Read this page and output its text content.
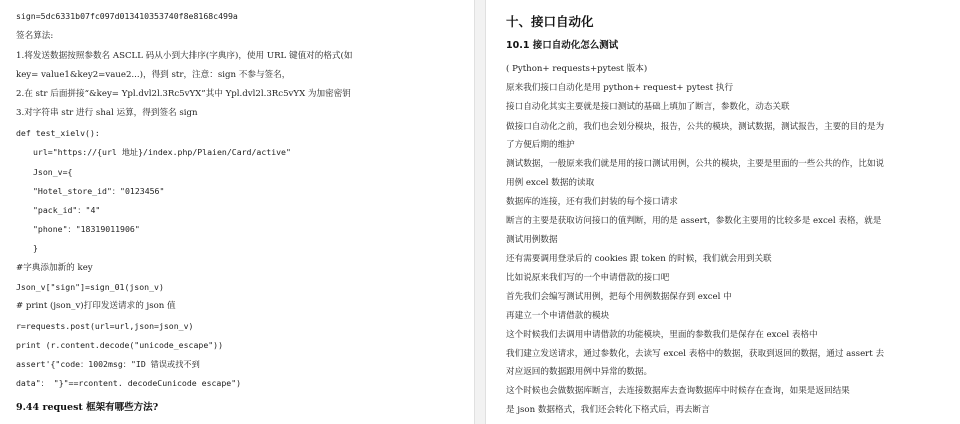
sign=5dc6331b07fc097d013410353740f8e8168c499a
签名算法:
1.将发送数据按照参数名 ASCLL 码从小到大排序(字典序)，使用 URL 键值对的格式(如
key= value1&key2=vaue2...)，得到 str，注意：sign 不参与签名，
2.在 str 后面拼接“&key= Ypl.dvl2l.3Rc5vYX”其中 Ypl.dvl2l.3Rc5vYX 为加密密钥
3.对字符串 str 进行 shal 运算，得到签名 sign
def test_xielv():
url="https://{url 地址}/index.php/Plaien/Card/active"
Json_v={
"Hotel_store_id"："0123456"
"pack_id"："4"
"phone"："18319011906"
}
#字典添加新的 key
Json_v["sign"]=sign_01(json_v)
# print (json_v)打印发送请求的 json 值
r=requests.post(url=url,json=json_v)
print (r.content.decode("unicode_escape"))
assert'{"code：1002msg："ID 错误或找不到
data"： "}"==rcontent. decodeCunicode escape")
9.44 request 框架有哪些方法?
十、接口自动化
10.1 接口自动化怎么测试
( Python+ requests+pytest 版本)
原来我们接口自动化是用 python+ request+ pytest 执行
接口自动化其实主要就是接口测试的基础上填加了断言，参数化，动态关联
做接口自动化之前，我们也会划分模块，报告，公共的模块，测试数据，测试报告，主要的目的是为
了方便后期的维护
测试数据，一般原来我们就是用的接口测试用例，公共的模块，主要是里面的一些公共的作，比如说
用例 excel 数据的读取
数据库的连接，还有我们封装的每个接口请求
断言的主要是获取访问接口的值判断，用的是 assert，参数化主要用的比较多是 excel 表格，就是
测试用例数据
还有需要调用登录后的 cookies 跟 token 的时候，我们就会用到关联
比如说原来我们写的一个申请借款的接口吧
首先我们会编写测试用例，把每个用例数据保存到 excel 中
再建立一个申请借款的模块
这个时候我们去调用申请借款的功能模块，里面的参数我们是保存在 excel 表格中
我们建立发送请求，通过参数化，去读写 excel 表格中的数据，获取到返回的数据，通过 assert 去
对应返回的数据跟用例中异常的数据。
这个时候也会做数据库断言，去连接数据库去查询数据库中时候存在查询，如果是返回结果
是 json 数据格式，我们还会转化下格式后，再去断言
